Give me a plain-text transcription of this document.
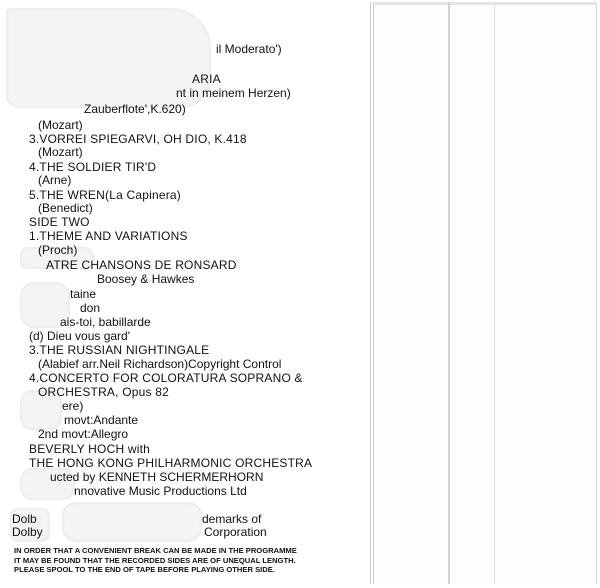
il Moderato')
ARIA
nt in meinem Herzen)
Zauberflote',K.620)
(Mozart)
3.VORREI SPIEGARVI, OH DIO, K.418
(Mozart)
4.THE SOLDIER TIR'D
(Arne)
5.THE WREN(La Capinera)
(Benedict)
SIDE TWO
1.THEME AND VARIATIONS
(Proch)
ATRE CHANSONS DE RONSARD
Boosey & Hawkes
taine
don
ais-toi, babillarde
(d) Dieu vous gard'
3.THE RUSSIAN NIGHTINGALE
(Alabief arr.Neil Richardson)Copyright Control
4.CONCERTO FOR COLORATURA SOPRANO &
ORCHESTRA, Opus 82
ere)
movt:Andante
2nd movt:Allegro
BEVERLY HOCH with
THE HONG KONG PHILHARMONIC ORCHESTRA
ucted by KENNETH SCHERMERHORN
nnovative Music Productions Ltd
Dolb	demarks of
Dolby	Corporation
IN ORDER THAT A CONVENIENT BREAK CAN BE MADE IN THE PROGRAMME
IT MAY BE FOUND THAT THE RECORDED SIDES ARE OF UNEQUAL LENGTH.
PLEASE SPOOL TO THE END OF TAPE BEFORE PLAYING OTHER SIDE.
